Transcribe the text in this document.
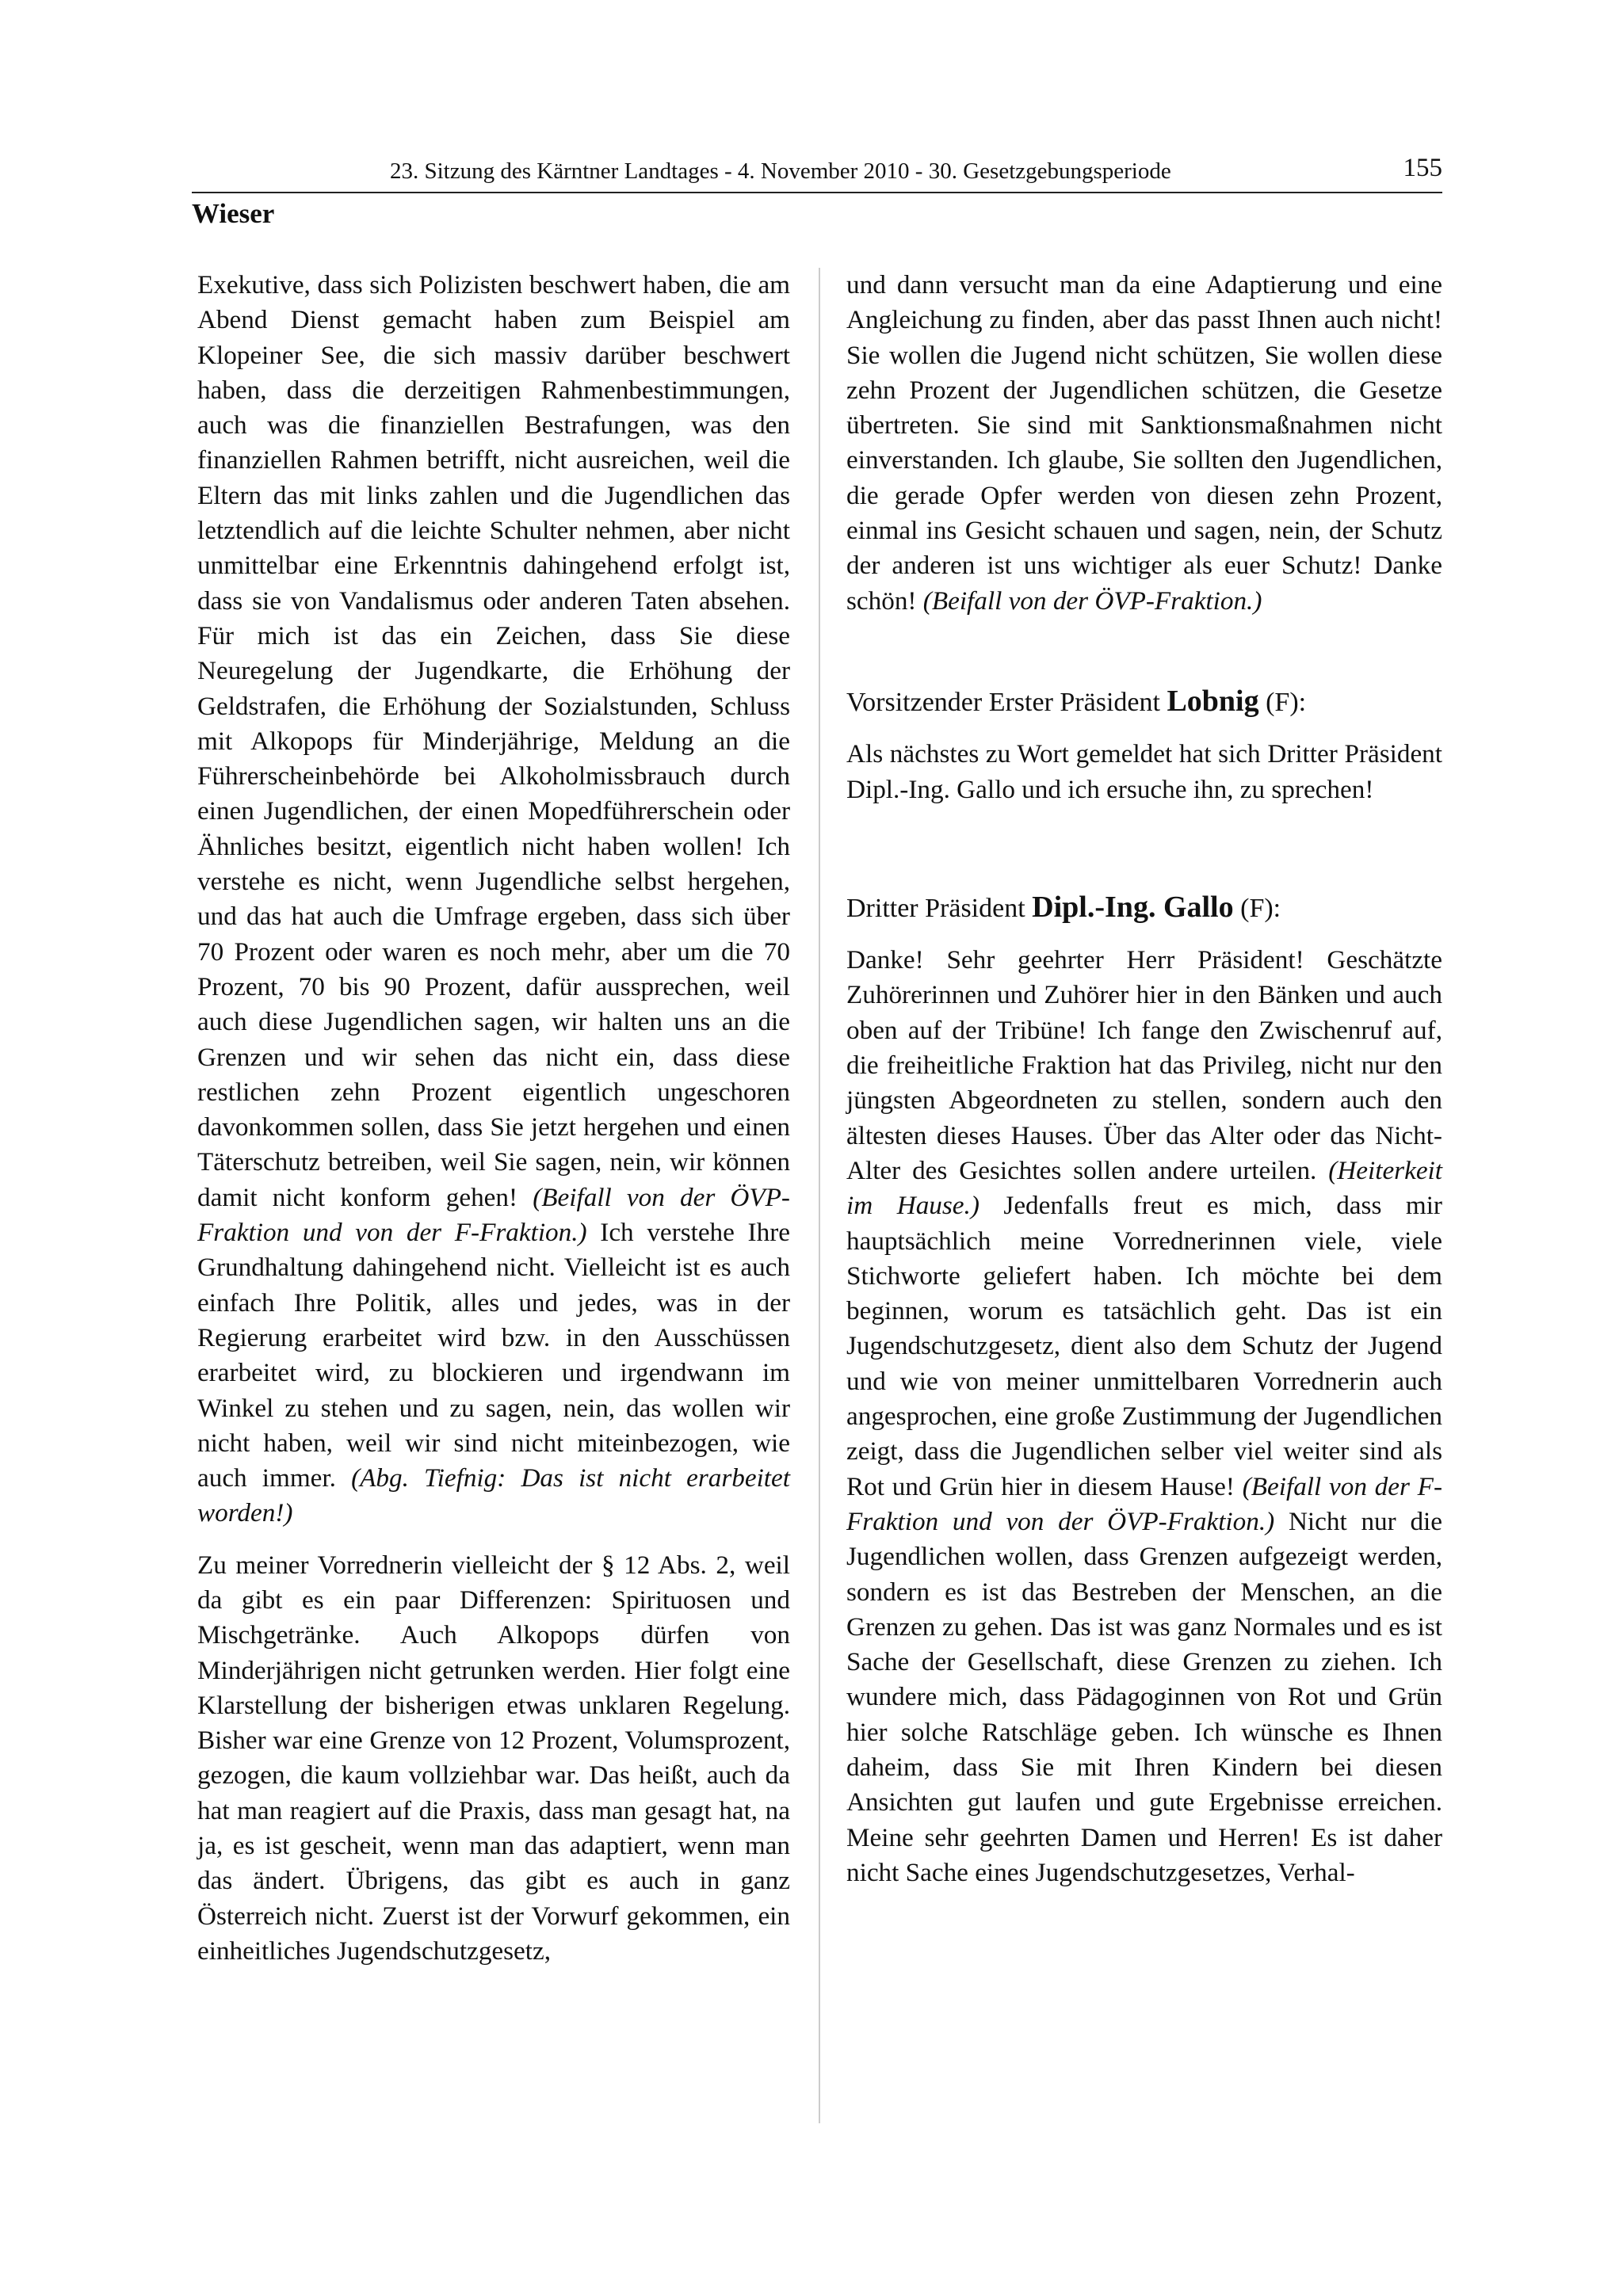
23. Sitzung des Kärntner Landtages - 4. November 2010 - 30. Gesetzgebungsperiode	155
Wieser

Exekutive, dass sich Polizisten beschwert haben, die am Abend Dienst gemacht haben zum Beispiel am Klopeiner See, die sich massiv darüber beschwert haben, dass die derzeitigen Rahmenbestimmungen, auch was die finanziellen Bestrafungen, was den finanziellen Rahmen betrifft, nicht ausreichen, weil die Eltern das mit links zahlen und die Jugendlichen das letztendlich auf die leichte Schulter nehmen, aber nicht unmittelbar eine Erkenntnis dahingehend erfolgt ist, dass sie von Vandalismus oder anderen Taten absehen. Für mich ist das ein Zeichen, dass Sie diese Neuregelung der Jugendkarte, die Erhöhung der Geldstrafen, die Erhöhung der Sozialstunden, Schluss mit Alkopops für Minderjährige, Meldung an die Führerscheinbehörde bei Alkoholmissbrauch durch einen Jugendlichen, der einen Mopedführerschein oder Ähnliches besitzt, eigentlich nicht haben wollen! Ich verstehe es nicht, wenn Jugendliche selbst hergehen, und das hat auch die Umfrage ergeben, dass sich über 70 Prozent oder waren es noch mehr, aber um die 70 Prozent, 70 bis 90 Prozent, dafür aussprechen, weil auch diese Jugendlichen sagen, wir halten uns an die Grenzen und wir sehen das nicht ein, dass diese restlichen zehn Prozent eigentlich ungeschoren davonkommen sollen, dass Sie jetzt hergehen und einen Täterschutz betreiben, weil Sie sagen, nein, wir können damit nicht konform gehen! (Beifall von der ÖVP-Fraktion und von der F-Fraktion.) Ich verstehe Ihre Grundhaltung dahingehend nicht. Vielleicht ist es auch einfach Ihre Politik, alles und jedes, was in der Regierung erarbeitet wird bzw. in den Ausschüssen erarbeitet wird, zu blockieren und irgendwann im Winkel zu stehen und zu sagen, nein, das wollen wir nicht haben, weil wir sind nicht miteinbezogen, wie auch immer. (Abg. Tiefnig: Das ist nicht erarbeitet worden!)

Zu meiner Vorrednerin vielleicht der § 12 Abs. 2, weil da gibt es ein paar Differenzen: Spirituosen und Mischgetränke. Auch Alkopops dürfen von Minderjährigen nicht getrunken werden. Hier folgt eine Klarstellung der bisherigen etwas unklaren Regelung. Bisher war eine Grenze von 12 Prozent, Volumsprozent, gezogen, die kaum vollziehbar war. Das heißt, auch da hat man reagiert auf die Praxis, dass man gesagt hat, na ja, es ist gescheit, wenn man das adaptiert, wenn man das ändert. Übrigens, das gibt es auch in ganz Österreich nicht. Zuerst ist der Vorwurf gekommen, ein einheitliches Jugendschutzgesetz,

und dann versucht man da eine Adaptierung und eine Angleichung zu finden, aber das passt Ihnen auch nicht! Sie wollen die Jugend nicht schützen, Sie wollen diese zehn Prozent der Jugendlichen schützen, die Gesetze übertreten. Sie sind mit Sanktionsmaßnahmen nicht einverstanden. Ich glaube, Sie sollten den Jugendlichen, die gerade Opfer werden von diesen zehn Prozent, einmal ins Gesicht schauen und sagen, nein, der Schutz der anderen ist uns wichtiger als euer Schutz! Danke schön! (Beifall von der ÖVP-Fraktion.)

Vorsitzender Erster Präsident Lobnig (F):

Als nächstes zu Wort gemeldet hat sich Dritter Präsident Dipl.-Ing. Gallo und ich ersuche ihn, zu sprechen!

Dritter Präsident Dipl.-Ing. Gallo (F):

Danke! Sehr geehrter Herr Präsident! Geschätzte Zuhörerinnen und Zuhörer hier in den Bänken und auch oben auf der Tribüne! Ich fange den Zwischenruf auf, die freiheitliche Fraktion hat das Privileg, nicht nur den jüngsten Abgeordneten zu stellen, sondern auch den ältesten dieses Hauses. Über das Alter oder das Nicht-Alter des Gesichtes sollen andere urteilen. (Heiterkeit im Hause.) Jedenfalls freut es mich, dass mir hauptsächlich meine Vorrednerinnen viele, viele Stichworte geliefert haben. Ich möchte bei dem beginnen, worum es tatsächlich geht. Das ist ein Jugendschutzgesetz, dient also dem Schutz der Jugend und wie von meiner unmittelbaren Vorrednerin auch angesprochen, eine große Zustimmung der Jugendlichen zeigt, dass die Jugendlichen selber viel weiter sind als Rot und Grün hier in diesem Hause! (Beifall von der F-Fraktion und von der ÖVP-Fraktion.) Nicht nur die Jugendlichen wollen, dass Grenzen aufgezeigt werden, sondern es ist das Bestreben der Menschen, an die Grenzen zu gehen. Das ist was ganz Normales und es ist Sache der Gesellschaft, diese Grenzen zu ziehen. Ich wundere mich, dass Pädagoginnen von Rot und Grün hier solche Ratschläge geben. Ich wünsche es Ihnen daheim, dass Sie mit Ihren Kindern bei diesen Ansichten gut laufen und gute Ergebnisse erreichen. Meine sehr geehrten Damen und Herren! Es ist daher nicht Sache eines Jugendschutzgesetzes, Verhal-
